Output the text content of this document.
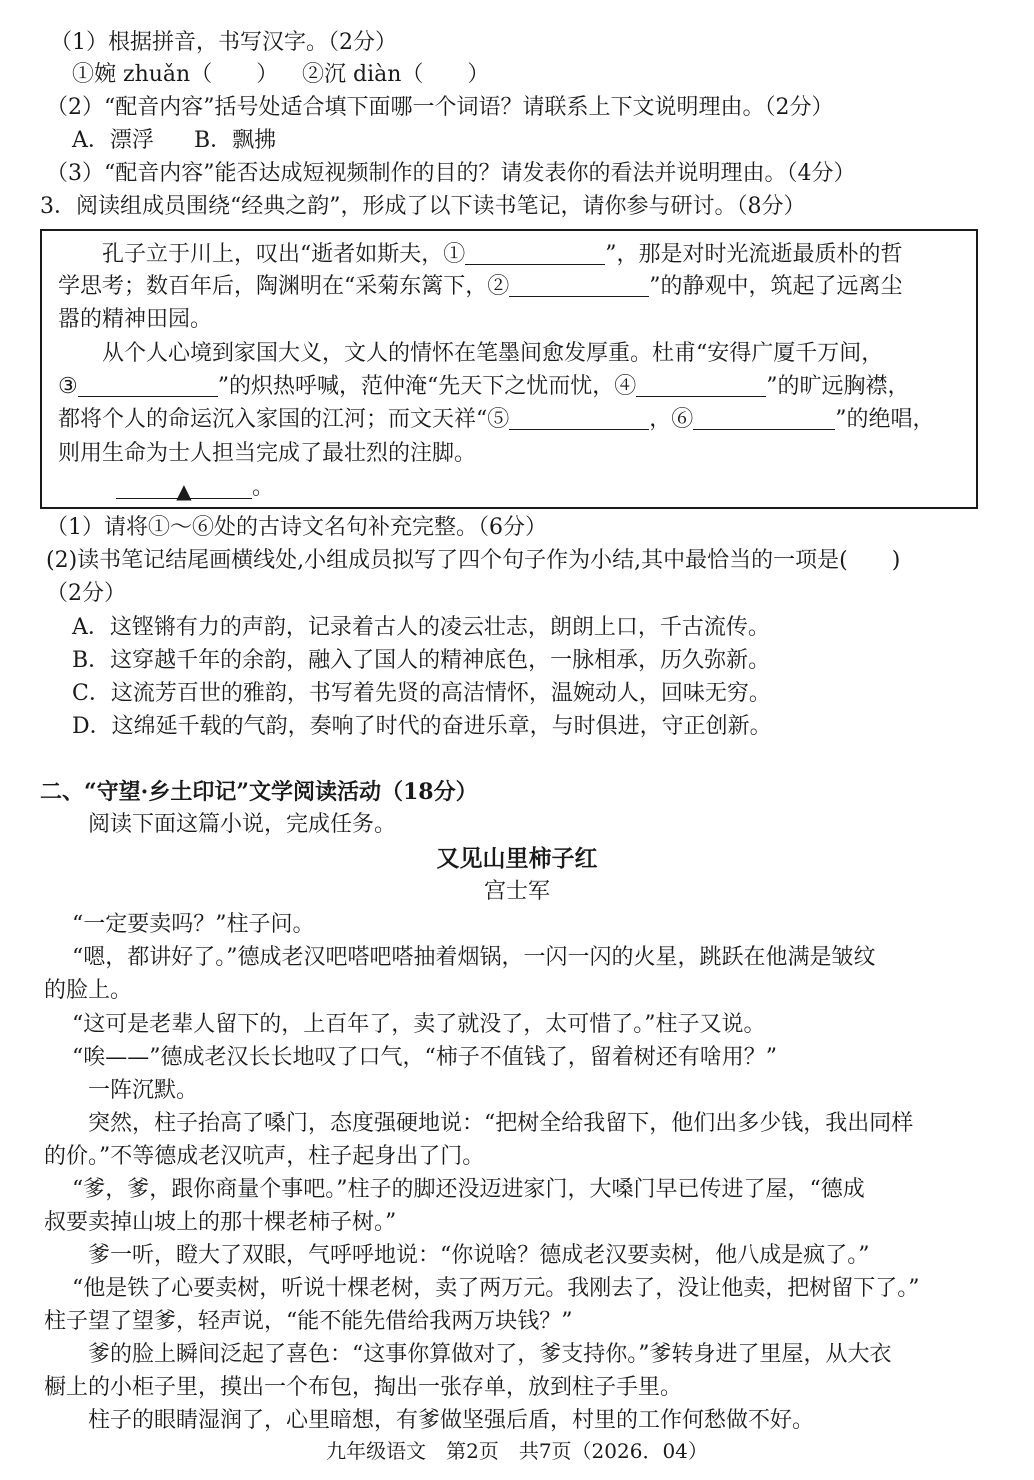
（1）根据拼音，书写汉字。（2分）
①婉 zhuǎn（　　） ②沉 diàn（　　）
（2）“配音内容”括号处适合填下面哪一个词语？请联系上下文说明理由。（2分）
A．漂浮 B．飘拂
（3）“配音内容”能否达成短视频制作的目的？请发表你的看法并说明理由。（4分）
3．阅读组成员围绕“经典之韵”，形成了以下读书笔记，请你参与研讨。（8分）
孔子立于川上，叹出“逝者如斯夫，①	”，那是对时光流逝最质朴的哲
学思考；数百年后，陶渊明在“采菊东篱下，②	”的静观中，筑起了远离尘
嚣的精神田园。
从个人心境到家国大义，文人的情怀在笔墨间愈发厚重。杜甫“安得广厦千万间，
③	”的炽热呼喊，范仲淹“先天下之忧而忧，④	”的旷远胸襟，
都将个人的命运沉入家国的江河；而文天祥“⑤	，⑥	”的绝唱，
则用生命为士人担当完成了最壮烈的注脚。
▲	。
（1）请将①～⑥处的古诗文名句补充完整。（6分）
(2)读书笔记结尾画横线处,小组成员拟写了四个句子作为小结,其中最恰当的一项是(　　)
（2分）
A．这铿锵有力的声韵，记录着古人的凌云壮志，朗朗上口，千古流传。
B．这穿越千年的余韵，融入了国人的精神底色，一脉相承，历久弥新。
C．这流芳百世的雅韵，书写着先贤的高洁情怀，温婉动人，回味无穷。
D．这绵延千载的气韵，奏响了时代的奋进乐章，与时俱进，守正创新。
二、“守望·乡土印记”文学阅读活动（18分）
阅读下面这篇小说，完成任务。
又见山里柿子红
宫士军
“一定要卖吗？”柱子问。
“嗯，都讲好了。”德成老汉吧嗒吧嗒抽着烟锅，一闪一闪的火星，跳跃在他满是皱纹
的脸上。
“这可是老辈人留下的，上百年了，卖了就没了，太可惜了。”柱子又说。
“唉——”德成老汉长长地叹了口气，“柿子不值钱了，留着树还有啥用？”
一阵沉默。
突然，柱子抬高了嗓门，态度强硬地说：“把树全给我留下，他们出多少钱，我出同样
的价。”不等德成老汉吭声，柱子起身出了门。
“爹，爹，跟你商量个事吧。”柱子的脚还没迈进家门，大嗓门早已传进了屋，“德成
叔要卖掉山坡上的那十棵老柿子树。”
爹一听，瞪大了双眼，气呼呼地说：“你说啥？德成老汉要卖树，他八成是疯了。”
“他是铁了心要卖树，听说十棵老树，卖了两万元。我刚去了，没让他卖，把树留下了。”
柱子望了望爹，轻声说，“能不能先借给我两万块钱？”
爹的脸上瞬间泛起了喜色：“这事你算做对了，爹支持你。”爹转身进了里屋，从大衣
橱上的小柜子里，摸出一个布包，掏出一张存单，放到柱子手里。
柱子的眼睛湿润了，心里暗想，有爹做坚强后盾，村里的工作何愁做不好。
九年级语文　第2页　共7页（2026．04）
